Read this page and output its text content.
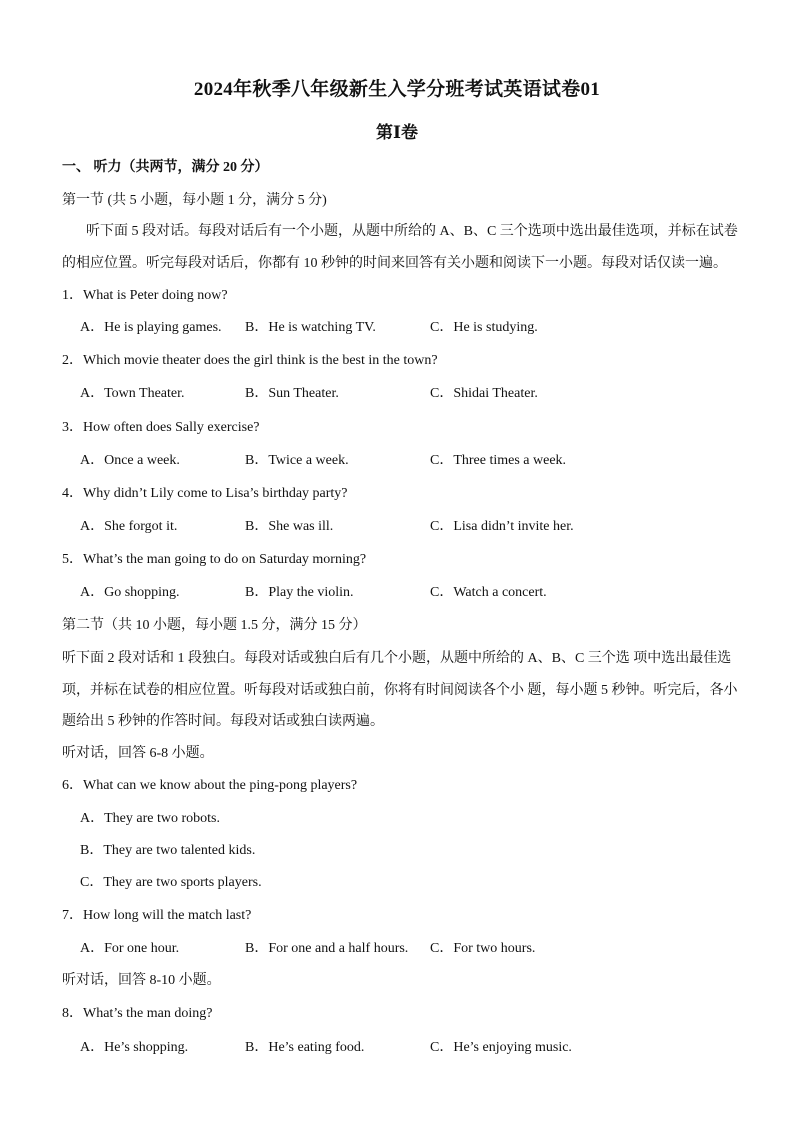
2024年秋季八年级新生入学分班考试英语试卷01
第Ⅰ卷
一、 听力（共两节，满分 20 分）
第一节 (共 5 小题，每小题 1 分，满分 5 分)
听下面 5 段对话。每段对话后有一个小题，从题中所给的 A、B、C 三个选项中选出最佳选项，并标在试卷
的相应位置。听完每段对话后，你都有 10 秒钟的时间来回答有关小题和阅读下一小题。每段对话仅读一遍。
1．What is Peter doing now?
A．He is playing games. B．He is watching TV.	C．He is studying.
2．Which movie theater does the girl think is the best in the town?
A．Town Theater.	B．Sun Theater.	C．Shidai Theater.
3．How often does Sally exercise?
A．Once a week.	B．Twice a week.	C．Three times a week.
4．Why didn’t Lily come to Lisa’s birthday party?
A．She forgot it.	B．She was ill.	C．Lisa didn’t invite her.
5．What’s the man going to do on Saturday morning?
A．Go shopping.	B．Play the violin.	C．Watch a concert.
第二节（共 10 小题，每小题 1.5 分，满分 15 分）
听下面 2 段对话和 1 段独白。每段对话或独白后有几个小题，从题中所给的 A、B、C 三个选 项中选出最佳选
项，并标在试卷的相应位置。听每段对话或独白前，你将有时间阅读各个小 题，每小题 5 秒钟。听完后，各小
题给出 5 秒钟的作答时间。每段对话或独白读两遍。
听对话，回答 6-8 小题。
6．What can we know about the ping-pong players?
A．They are two robots.
B．They are two talented kids.
C．They are two sports players.
7．How long will the match last?
A．For one hour.	B．For one and a half hours. C．For two hours.
听对话，回答 8-10 小题。
8．What’s the man doing?
A．He’s shopping.	B．He’s eating food.	C．He’s enjoying music.
